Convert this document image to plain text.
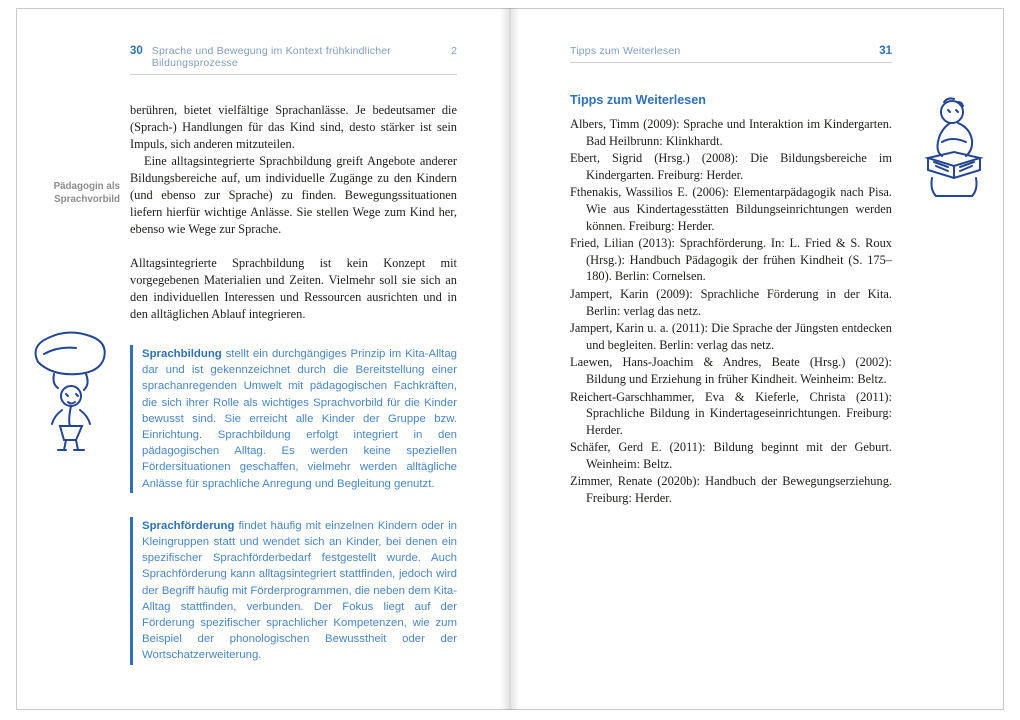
30 Sprache und Bewegung im Kontext frühkindlicher Bildungsprozesse
2

berühren, bietet vielfältige Sprachanlässe. Je bedeutsamer die (Sprach-) Handlungen für das Kind sind, desto stärker ist sein Impuls, sich anderen mitzuteilen.

Eine alltagsintegrierte Sprachbildung greift Angebote anderer Bildungsbereiche auf, um individuelle Zugänge zu den Kindern (und ebenso zur Sprache) zu finden. Bewegungssituationen liefern hierfür wichtige Anlässe. Sie stellen Wege zum Kind her, ebenso wie Wege zur Sprache.

Alltagsintegrierte Sprachbildung ist kein Konzept mit vorgegebenen Materialien und Zeiten. Vielmehr soll sie sich an den individuellen Interessen und Ressourcen ausrichten und in den alltäglichen Ablauf integrieren.

Sprachbildung stellt ein durchgängiges Prinzip im Kita-Alltag dar und ist gekennzeichnet durch die Bereitstellung einer sprachanregenden Umwelt mit pädagogischen Fachkräften, die sich ihrer Rolle als wichtiges Sprachvorbild für die Kinder bewusst sind. Sie erreicht alle Kinder der Gruppe bzw. Einrichtung. Sprachbildung erfolgt integriert in den pädagogischen Alltag. Es werden keine speziellen Fördersituationen geschaffen, vielmehr werden alltägliche Anlässe für sprachliche Anregung und Begleitung genutzt.
Sprachförderung findet häufig mit einzelnen Kindern oder in Kleingruppen statt und wendet sich an Kinder, bei denen ein spezifischer Sprachförderbedarf festgestellt wurde. Auch Sprachförderung kann alltagsintegriert stattfinden, jedoch wird der Begriff häufig mit Förderprogrammen, die neben dem Kita-Alltag stattfinden, verbunden. Der Fokus liegt auf der Förderung spezifischer sprachlicher Kompetenzen, wie zum Beispiel der phonologischen Bewusstheit oder der Wortschatzerweiterung.
Pädagogin als Sprachvorbild
Tipps zum Weiterlesen	31
Tipps zum Weiterlesen

Albers, Timm (2009): Sprache und Interaktion im Kindergarten. Bad Heilbrunn: Klinkhardt.

Ebert, Sigrid (Hrsg.) (2008): Die Bildungsbereiche im Kindergarten. Freiburg: Herder.

Fthenakis, Wassilios E. (2006): Elementarpädagogik nach Pisa. Wie aus Kindertagesstätten Bildungseinrichtungen werden können. Freiburg: Herder.

Fried, Lilian (2013): Sprachförderung. In: L. Fried & S. Roux (Hrsg.): Handbuch Pädagogik der frühen Kindheit (S. 175–180). Berlin: Cornelsen.

Jampert, Karin (2009): Sprachliche Förderung in der Kita. Berlin: verlag das netz.

Jampert, Karin u. a. (2011): Die Sprache der Jüngsten entdecken und begleiten. Berlin: verlag das netz.

Laewen, Hans-Joachim & Andres, Beate (Hrsg.) (2002): Bildung und Erziehung in früher Kindheit. Weinheim: Beltz.

Reichert-Garschhammer, Eva & Kieferle, Christa (2011): Sprachliche Bildung in Kindertageseinrichtungen. Freiburg: Herder.

Schäfer, Gerd E. (2011): Bildung beginnt mit der Geburt. Weinheim: Beltz.

Zimmer, Renate (2020b): Handbuch der Bewegungserziehung. Freiburg: Herder.
